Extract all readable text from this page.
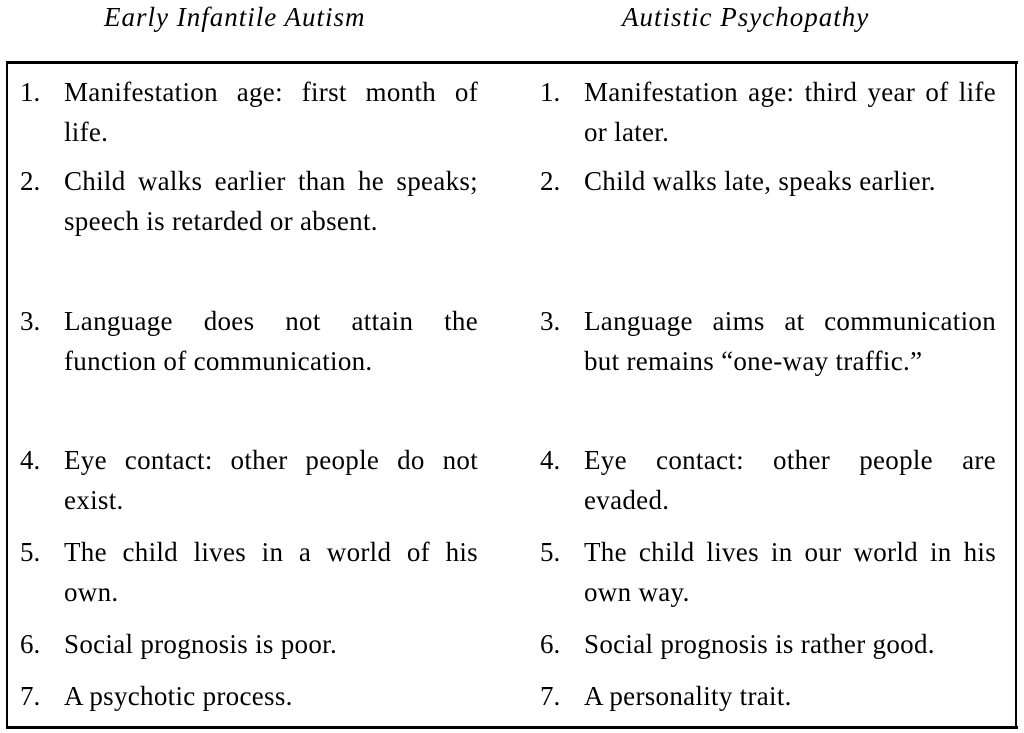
Early Infantile Autism	Autistic Psychopathy
1. Manifestation age: first month of life.
2. Child walks earlier than he speaks; speech is retarded or absent.
3. Language does not attain the function of communication.
4. Eye contact: other people do not exist.
5. The child lives in a world of his own.
6. Social prognosis is poor.
7. A psychotic process.
1. Manifestation age: third year of life or later.
2. Child walks late, speaks earlier.
3. Language aims at communication but remains “one-way traffic.”
4. Eye contact: other people are evaded.
5. The child lives in our world in his own way.
6. Social prognosis is rather good.
7. A personality trait.
